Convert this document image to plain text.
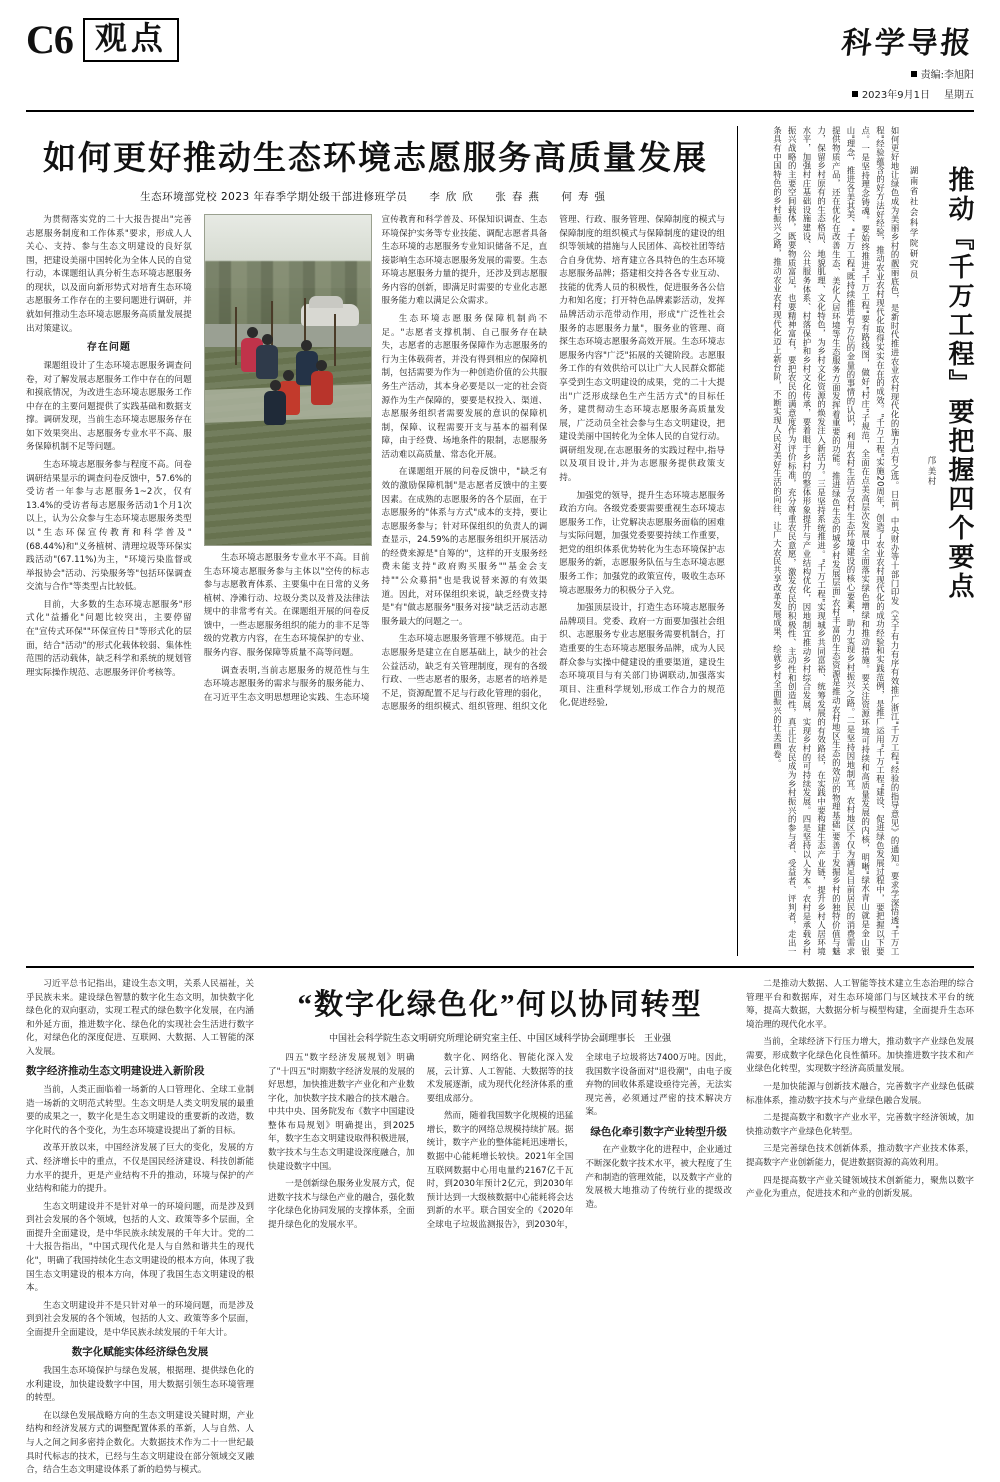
C6 观点	科学导报
责编:李旭阳
2023年9月1日 星期五
如何更好推动生态环境志愿服务高质量发展
生态环境部党校 2023 年春季学期处级干部进修班学员 李欣欣　张春燕　何寿强

为贯彻落实党的二十大报告提出"完善志愿服务制度和工作体系"要求，形成人人关心、支持、参与生态文明建设的良好氛围，把建设美丽中国转化为全体人民的自觉行动，本课题组认真分析生态环境志愿服务的现状，以及面向新形势式对培育生态环境志愿服务工作存在的主要问题进行调研，并就如何推动生态环境志愿服务高质量发展提出对策建议。

存在问题

课题组设计了生态环境志愿服务调查问卷，对了解发展志愿服务工作中存在的问题和摸底情况，为改进生态环境志愿服务工作中存在的主要问题提供了实践基础和数据支撑。调研发现，当前生态环境志愿服务存在如下效果突出、志愿服务专业水平不高、服务保障机制不足等问题。

生态环境志愿服务参与程度不高。问卷调研结果显示的调查问卷反馈中，57.6%的受访者一年参与志愿服务1~2次，仅有13.4%的受访者每志愿服务活动1个月1次以上，认为公众参与生态环境志愿服务类型以"生态环保宣传教育和科学普及"(68.44%)和"义务植树、清理垃圾等环保实践活动"(67.11%)为主，"环境污染监督或举报协会"活动、污染服务等"包括环保调查交流与合作"等类型占比较低。

目前，大多数的生态环境志愿服务"形式化"益播化"问题比较突出，主要停留在"宣传式环保""环保宣传日"等形式化的层面，结合"活动"的形式化载体较弱、集体性范围的活动载体，缺乏科学和系统的规划管理实际操作规范、志愿服务评价考核等。

生态环境志愿服务专业水平不高。目前生态环境志愿服务参与主体以"空传的标志参与志愿教育体系、主要集中在日常的义务植树、净滩行动、垃圾分类以及普及法律法规中的非常考有关。在课题组开展的问卷反馈中，一些志愿服务组织的能力的非不足等级的党教方内容，在生态环境保护的专业、服务内容、服务保障等质量不高等问题。

调查表明,当前志愿服务的规范性与生态环境志愿服务的需求与服务的服务能力、在习近平生态文明思想理论实践、生态环境宣传教育和科学普及、环保知识调查、生态环境保护实务等专业技能、调配志愿者具备生态环境的志愿服务专业知识储备不足，直接影响生态环境志愿服务发展的需要。生态环境志愿服务力量的提升，还涉及到志愿服务内容的创新，即满足时需要的专业化志愿服务能力难以满足公众需求。

生态环境志愿服务保障机制尚不足。"志愿者支撑机制、自己服务存在缺失，志愿者的志愿服务保障作为志愿服务的行为主体载荷者，并没有得到相应的保障机制，包括需要为作为一种创造价值的公共服务生产活动，其本身必要是以一定的社会资源作为生产保障的，要要是权投入、渠道、志愿服务组织者需要发展的意识的保障机制，保障、议程需要开支与基本的福利保障，由于经费、场地条件的限制，志愿服务活动难以高质量、常态化开展。

在课题组开展的问卷反馈中，"缺乏有效的激励保障机制"是志愿者反馈中的主要因素。在成熟的志愿服务的各个层面，在于志愿服务的"体系与方式"成本的支持，要让志愿服务参与；针对环保组织的负责人的调查显示，24.59%的志愿服务组织开展活动的经费来源是"自筹的"，这样的开支服务经费未能支持"政府购买服务""基金会支持""公众募捐"也是我说替来源的有效渠道。因此，对环保组织来说，缺乏经费支持是"有"做志愿服务"服务对接"缺乏活动志愿服务最大的问题之一。

生态环境志愿服务管理不够规范。由于志愿服务是建立在自愿基础上，缺少的社会公益活动，缺乏有关管理制度，现有的各级行政、一些志愿者的服务，志愿者的培养是不足，资源配置不足与行政化管理的弱化，志愿服务的组织模式、组织管理、组织文化管理、行政、服务管理、保障制度的模式与保障制度的组织模式与保障制度的建设的组织等领域的措施与人民团体、高校社团等结合自身优势、培育建立各具特色的生态环境志愿服务品牌；搭建相交持各各专业互动、技能的优秀人员的积极性，促进服务各公信力和知名度；打开特色品牌素影活动，发挥品牌活动示范带动作用，形成"广泛性社会服务的志愿服务力量"，服务业的管理、商探生态环境志愿服务高效开展。生态环境志愿服务内容"广泛"拓展的关键阶段。志愿服务工作的有效供给可以让广大人民群众都能享受到生态文明建设的成果，党的二十大提出"广泛形成绿色生产生活方式"的目标任务，建贯彻动生态环境志愿服务高质量发展，广泛动员全社会参与生态文明建设，把建设美丽中国转化为全体人民的自觉行动。调研组发现,在志愿服务的实践过程中,指导以及项目设计,并为志愿服务提供政策支持。

加强党的领导，提升生态环境志愿服务政治方向。各级党委要需要重视生态环境志愿服务工作，让党解决志愿服务面临的困难与实际问题，加强党委要要持续工作重要，把党的组织体系优势转化为生态环境保护志愿服务的新，志愿服务队伍与生态环境志愿服务工作；加强党的政策宣传，吸收生态环境志愿服务力的积极分子入党。

加强顶层设计，打造生态环境志愿服务品牌项目。党委、政府一方面要加强社会组织、志愿服务专业志愿服务需要机制合，打造重要的生态环境志愿服务品牌，成为人民群众参与实操中健建设的重要渠道，建设生态环境项目与有关部门协调联动,加强落实项目、注重科学规划,形成工作合力的规范化,促进经验,

推动『千万工程』要把握四个要点
邝美村
湖南省社会科学院研究员
如何更好地让绿色成为美丽乡村的靓丽底色，是新时代推进农业农村现代化的施力点有之选。日前，中央财办等十部门印发《关于有力有序有效推广浙江"千万工程"经验的指导意见》的通知。要求学深悟透"千万工程"经验蕴含的好方法好经验，推动农业农村现代化取得实实在在的成效。"千万工程"实施20周年，创造了农业农村现代化的成功经验和实践范例，是推广运用"千万工程"建设、促进绿色发展过程中，要把握以下要点。一是坚持理念铸魂。要始终推进"千万工程"要有路线图，做好"村庄"子规范，全面在点美高层次发展中全面落实绿色增绿和推动措施。要关注资源环境可持续和高质量发展的内核，明晰"绿水青山就是金山银山"理念，推进各美其美、"千万工程"既持续推进有方位的金量的事情的认识，利用农村生活与农村生态环境建设的核心要素，助力实现乡村振兴之路。二是坚持因地制宜。农村地区不仅为满足目前居民的消费需求提供物质产品，还在优化在改善生态、美化人居环境等生态服务方面发挥着重要的功能。推进绿色生态的城乡村发展层面,农村丰富的生态资源是推动农村地区生态的效应的物理基础,要善于发掘乡村的独特价值与魅力，保留乡村原有的生态格局、地貌肌理、文化特色，为乡村文化资源的焕发注入新活力。三是坚持系统推进。"千万工程"实现城乡共同富裕、统筹发展的有效路径，在实践中要构建生态产业链，提升乡村人居环境水平，加强村庄基础设施建设、公共服务体系、村落保护和乡村文化传承，要着眼于乡村的整体形象提升与产业结构优化，因地制宜推动乡村综合发展，实现乡村的可持续发展。四是坚持以人为本。农村是承载乡村振兴战略的主要空间载体，既要物质富足，也要精神富有，要把农民的满意度作为评价标准，充分尊重农民意愿，激发农民的积极性、主动性和创造性，真正让农民成为乡村振兴的参与者、受益者、评判者，走出一条具有中国特色的乡村振兴之路，推动农业农村现代化迈上新台阶，不断实现人民对美好生活的向往，让广大农民共享改革发展成果，绘就乡村全面振兴的壮美画卷。

习近平总书记指出，建设生态文明，关系人民福祉，关乎民族未来。建设绿色智慧的数字化生态文明，加快数字化绿色化的双向驱动，实现工程式的绿色数字化发展，在内涵和外延方面，推进数字化、绿色化的实现社会生活进行数字化，对绿色化的深度促进、互联网、大数据、人工智能的深入发展。

数字经济推动生态文明建设进入新阶段

当前，人类正面临着一场新的人口管理化、全球工业制造一场新的文明范式转型。生态文明是人类文明发展的最重要的成果之一，数字化是生态文明建设的重要新的改造，数字化时代的各个变化，为生态环境建设提出了新的目标。

改革开放以来，中国经济发展了巨大的变化，发展的方式、经济增长中的重点，不仅是国民经济建设、科技创新能力水平的提升，更是产业结构不升的推动，环境与保护的产业结构和能力的提升。

生态文明建设并不是针对单一的环境问题，而是涉及到到社会发展的各个领域，包括的人文、政策等多个层面，全面提升全面建设，是中华民族永续发展的千年大计。党的二十大报告指出，"中国式现代化是人与自然和谐共生的现代化"，明确了我国持续化生态文明建设的根本方向，体现了我国生态文明建设的根本方向，体现了我国生态文明建设的根本。

生态文明建设并不是只针对单一的环境问题，而是涉及到到社会发展的各个领域，包括的人文、政策等多个层面，全面提升全面建设，是中华民族永续发展的千年大计。

数字化赋能实体经济绿色发展

我国生态环境保护与绿色发展，根据理、提供绿色化的水利建设，加快建设数字中国，用大数据引领生态环境管理的转型。

在以绿色发展战略方向的生态文明建设关键时期，产业结构和经济发展方式的调整配置体系的革新，人与自然、人与人之间之间多密持企数化。大数据技术作为二十一世纪最具时代标志的技术，已经与生态文明建设在部分领域交叉融合，结合生态文明建设体系了新的趋势与模式。

“数字化绿色化”何以协同转型
中国社会科学院生态文明研究所理论研究室主任、中国区域科学协会副理事长　王业强

四五"数字经济发展规划》明确了"十四五"时期数字经济发展的发展的好思想，加快推进数字产业化和产业数字化，加快数字技术融合的技术融合。中共中央、国务院发布《数字中国建设整体布局规划》明确提出，到2025年，数字生态文明建设取得积极进展，数字技术与生态文明建设深度融合，加快建设数字中国。

一是创新绿色服务业发展方式，促进数字技术与绿色产业的融合，强化数字化绿色化协同发展的支撑体系，全面提升绿色化的发展水平。

数字化、网络化、智能化深入发展，云计算、人工智能、大数据等的技术发展逐渐，成为现代化经济体系的重要组成部分。

然而，随着我国数字化规模的迅猛增长，数字的网络总规模持续扩展。据统计，数字产业的整体能耗迅速增长，数据中心能耗增长较快。2021年全国互联网数据中心用电量约2167亿千瓦时，到2030年预计2亿元，到2030年预计达到一大级核数据中心能耗将会达到新的水平。联合国安全的《2020年全球电子垃圾监测报告》，到2030年，全球电子垃圾将达7400万吨。因此，我国数字设备面对"退役潮"，由电子废弃物的回收体系建设亟待完善，无法实现完善，必须通过严密的技术解决方案。

绿色化牵引数字产业转型升级

在产业数字化的进程中，企业通过不断深化数字技术水平，被大程度了生产和制造的管理效能，以及数字产业的发展极大地推动了传统行业的提级改造。

二是推动大数据、人工智能等技术建立生态治理的综合管理平台和数据库，对生态环境部门与区域技术平台的统筹，提高大数据，大数据分析与模型构建，全面提升生态环境治理的现代化水平。

当前，全球经济下行压力增大，推动数字产业绿色发展需要，形成数字化绿色化良性循环。加快推进数字技术和产业绿色化转型，实现数字经济高质量发展。

一是加快能源与创新技术融合，完善数字产业绿色低碳标准体系，推动数字技术与产业绿色融合发展。

二是提高数字和数字产业水平，完善数字经济领域，加快推动数字产业绿色化转型。

三是完善绿色技术创新体系，推动数字产业技术体系，提高数字产业创新能力，促进数据资源的高效利用。

四是提高数字产业关键领域技术创新能力，聚焦以数字产业化为重点，促进技术和产业的创新发展。
